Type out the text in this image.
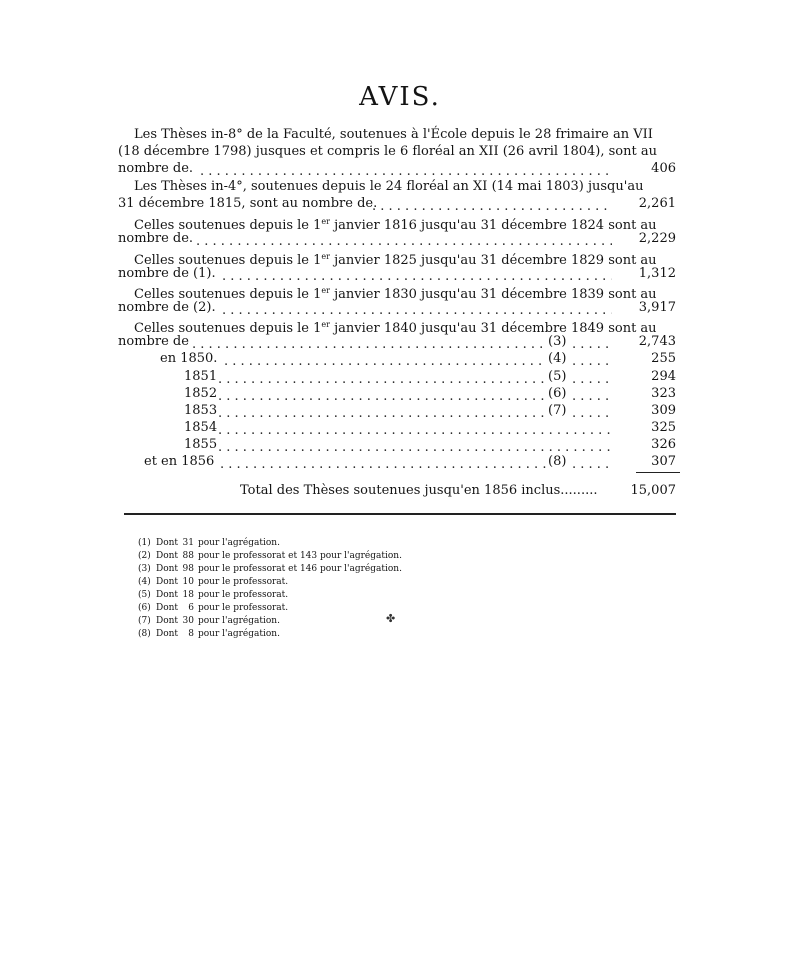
AVIS.
Les Thèses in-8° de la Faculté, soutenues à l'École depuis le 28 frimaire an VII
(18 décembre 1798) jusques et compris le 6 floréal an XII (26 avril 1804), sont au
nombre de. . . .	406
Les Thèses in-4°, soutenues depuis le 24 floréal an XI (14 mai 1803) jusqu'au
31 décembre 1815, sont au nombre de. . . .	2,261
Celles soutenues depuis le 1er janvier 1816 jusqu'au 31 décembre 1824 sont au
nombre de. . . .	2,229
Celles soutenues depuis le 1er janvier 1825 jusqu'au 31 décembre 1829 sont au
nombre de (1). . . .	1,312
Celles soutenues depuis le 1er janvier 1830 jusqu'au 31 décembre 1839 sont au
nombre de (2). . . .	3,917
Celles soutenues depuis le 1er janvier 1840 jusqu'au 31 décembre 1849 sont au
nombre de . . .	(3) . . .	2,743
en 1850. . . .	(4) . . .	255
1851 . . .	(5) . . .	294
1852 . . .	(6) . . .	323
1853 . . .	(7) . . .	309
1854 . . .	325
1855 . . .	326
et en 1856 . . .	(8) . . .	307
Total des Thèses soutenues jusqu'en 1856 inclus.........	15,007
(1) Dont 31 pour l'agrégation.
(2) Dont 88 pour le professorat et 143 pour l'agrégation.
(3) Dont 98 pour le professorat et 146 pour l'agrégation.
(4) Dont 10 pour le professorat.
(5) Dont 18 pour le professorat.
(6) Dont 6 pour le professorat.
(7) Dont 30 pour l'agrégation.
(8) Dont 8 pour l'agrégation.
✤
